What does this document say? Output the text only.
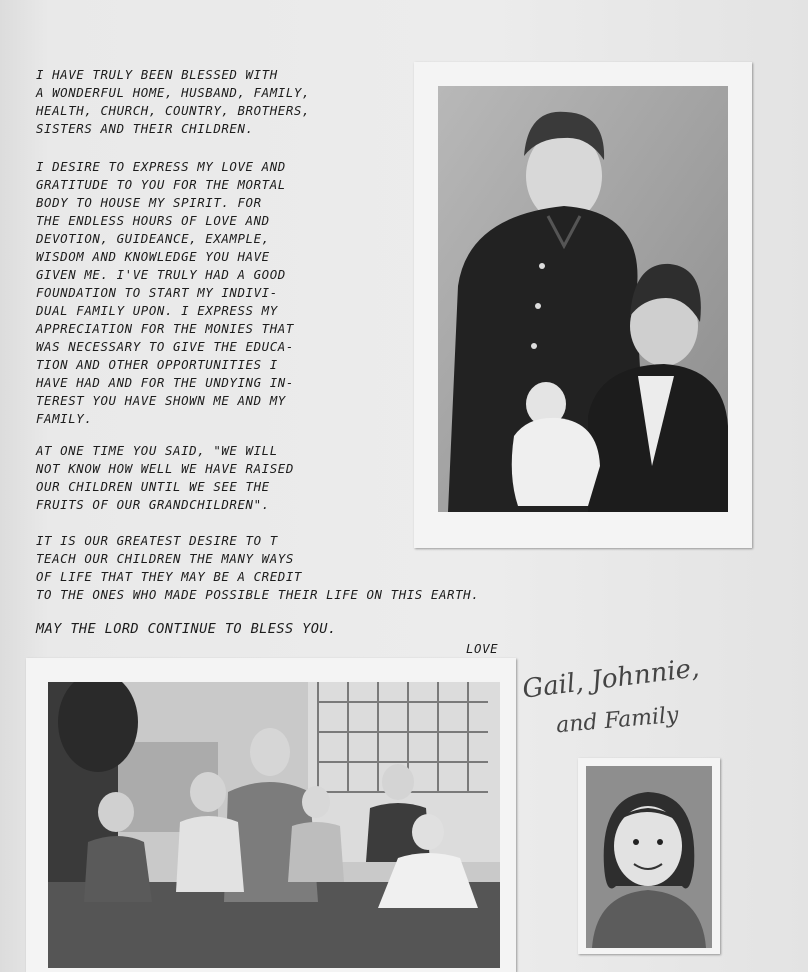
I HAVE TRULY BEEN BLESSED WITH
A WONDERFUL HOME, HUSBAND, FAMILY,
HEALTH, CHURCH, COUNTRY, BROTHERS,
SISTERS AND THEIR CHILDREN.
I DESIRE TO EXPRESS MY LOVE AND
GRATITUDE TO YOU FOR THE MORTAL
BODY TO HOUSE MY SPIRIT. FOR
THE ENDLESS HOURS OF LOVE AND
DEVOTION, GUIDEANCE, EXAMPLE,
WISDOM AND KNOWLEDGE YOU HAVE
GIVEN ME. I'VE TRULY HAD A GOOD
FOUNDATION TO START MY INDIVI-
DUAL FAMILY UPON. I EXPRESS MY
APPRECIATION FOR THE MONIES THAT
WAS NECESSARY TO GIVE THE EDUCA-
TION AND OTHER OPPORTUNITIES I
HAVE HAD AND FOR THE UNDYING IN-
TEREST YOU HAVE SHOWN ME AND MY
FAMILY.
AT ONE TIME YOU SAID, "WE WILL
NOT KNOW HOW WELL WE HAVE RAISED
OUR CHILDREN UNTIL WE SEE THE
FRUITS OF OUR GRANDCHILDREN".
IT IS OUR GREATEST DESIRE TO T
TEACH OUR CHILDREN THE MANY WAYS
OF LIFE THAT THEY MAY BE A CREDIT
TO THE ONES WHO MADE POSSIBLE THEIR LIFE ON THIS EARTH.
MAY THE LORD CONTINUE TO BLESS YOU.
LOVE
Gail, Johnnie,
and Family
